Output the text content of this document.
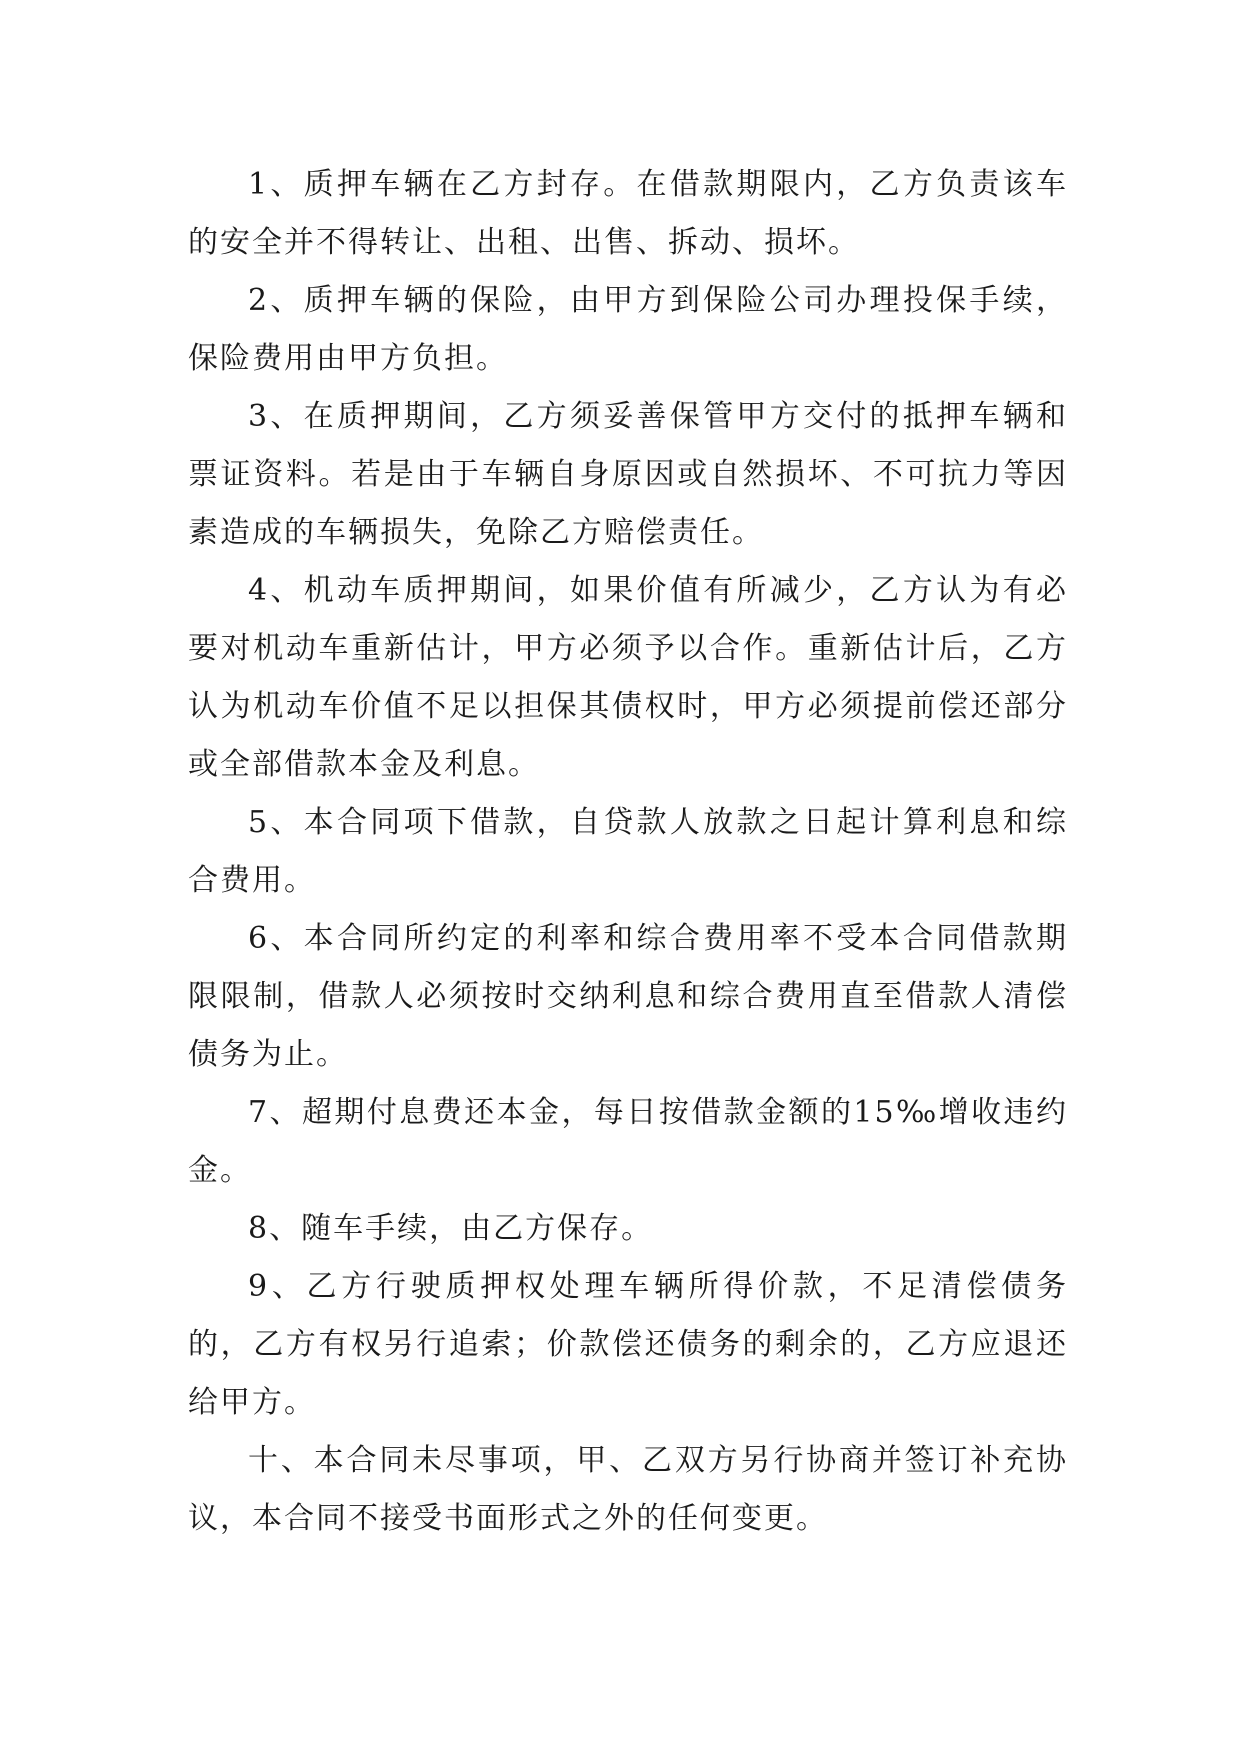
1、质押车辆在乙方封存。在借款期限内，乙方负责该车的安全并不得转让、出租、出售、拆动、损坏。

2、质押车辆的保险，由甲方到保险公司办理投保手续，保险费用由甲方负担。

3、在质押期间，乙方须妥善保管甲方交付的抵押车辆和票证资料。若是由于车辆自身原因或自然损坏、不可抗力等因素造成的车辆损失，免除乙方赔偿责任。

4、机动车质押期间，如果价值有所减少，乙方认为有必要对机动车重新估计，甲方必须予以合作。重新估计后，乙方认为机动车价值不足以担保其债权时，甲方必须提前偿还部分或全部借款本金及利息。

5、本合同项下借款，自贷款人放款之日起计算利息和综合费用。

6、本合同所约定的利率和综合费用率不受本合同借款期限限制，借款人必须按时交纳利息和综合费用直至借款人清偿债务为止。

7、超期付息费还本金，每日按借款金额的15‰增收违约金。

8、随车手续，由乙方保存。

9、乙方行驶质押权处理车辆所得价款，不足清偿债务的，乙方有权另行追索；价款偿还债务的剩余的，乙方应退还给甲方。

十、本合同未尽事项，甲、乙双方另行协商并签订补充协议，本合同不接受书面形式之外的任何变更。
